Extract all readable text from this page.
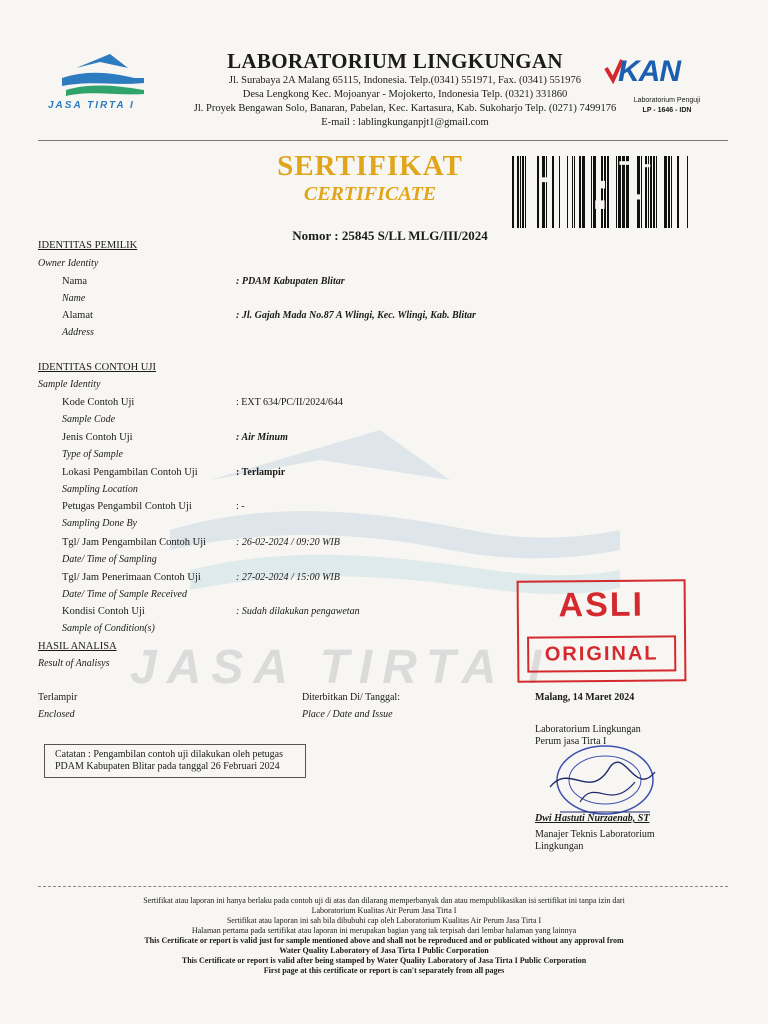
JASA TIRTA I
JASA TIRTA I
LABORATORIUM LINGKUNGAN
Jl. Surabaya 2A Malang 65115, Indonesia. Telp.(0341) 551971, Fax. (0341) 551976
Desa Lengkong Kec. Mojoanyar - Mojokerto, Indonesia Telp. (0321) 331860
Jl. Proyek Bengawan Solo, Banaran, Pabelan, Kec. Kartasura, Kab. Sukoharjo Telp. (0271) 7499176
E-mail : lablingkunganpjt1@gmail.com
KAN
Laboratorium Penguji
LP - 1646 - IDN
SERTIFIKAT
CERTIFICATE
Nomor : 25845 S/LL MLG/III/2024
IDENTITAS PEMILIK
Owner Identity
Nama
Name
: PDAM Kabupaten Blitar
Alamat
Address
: Jl. Gajah Mada No.87 A Wlingi, Kec. Wlingi, Kab. Blitar
IDENTITAS CONTOH UJI
Sample Identity
Kode Contoh Uji
Sample Code
: EXT 634/PC/II/2024/644
Jenis Contoh Uji
Type of Sample
: Air Minum
Lokasi Pengambilan Contoh Uji
Sampling Location
: Terlampir
Petugas Pengambil Contoh Uji
Sampling Done By
: -
Tgl/ Jam Pengambilan Contoh Uji
Date/ Time of Sampling
: 26-02-2024 / 09:20 WIB
Tgl/ Jam Penerimaan Contoh Uji
Date/ Time of Sample Received
: 27-02-2024 / 15:00 WIB
Kondisi Contoh Uji
Sample of Condition(s)
: Sudah dilakukan pengawetan
HASIL ANALISA
Result of Analisys
ASLI
ORIGINAL
Terlampir
Enclosed
Diterbitkan Di/ Tanggal:
Place / Date and Issue
Malang, 14 Maret 2024
Laboratorium Lingkungan
Perum jasa Tirta I
Dwi Hastuti Nurzaenab, ST
Manajer Teknis Laboratorium
Lingkungan
Catatan : Pengambilan contoh uji dilakukan oleh petugas
PDAM Kabupaten Blitar pada tanggal 26 Februari 2024
Sertifikat atau laporan ini hanya berlaku pada contoh uji di atas dan dilarang memperbanyak dan atau mempublikasikan isi sertifikat ini tanpa izin dari
Laboratorium Kualitas Air Perum Jasa Tirta I
Sertifikat atau laporan ini sah bila dibubuhi cap oleh Laboratorium Kualitas Air Perum Jasa Tirta I
Halaman pertama pada sertifikat atau laporan ini merupakan bagian yang tak terpisah dari lembar halaman yang lainnya
This Certificate or report is valid just for sample mentioned above and shall not be reproduced and or publicated without any approval from
Water Quality Laboratory of Jasa Tirta I Public Corporation
This Certificate or report is valid after being stamped by Water Quality Laboratory of Jasa Tirta I Public Corporation
First page at this certificate or report is can't separately from all pages
